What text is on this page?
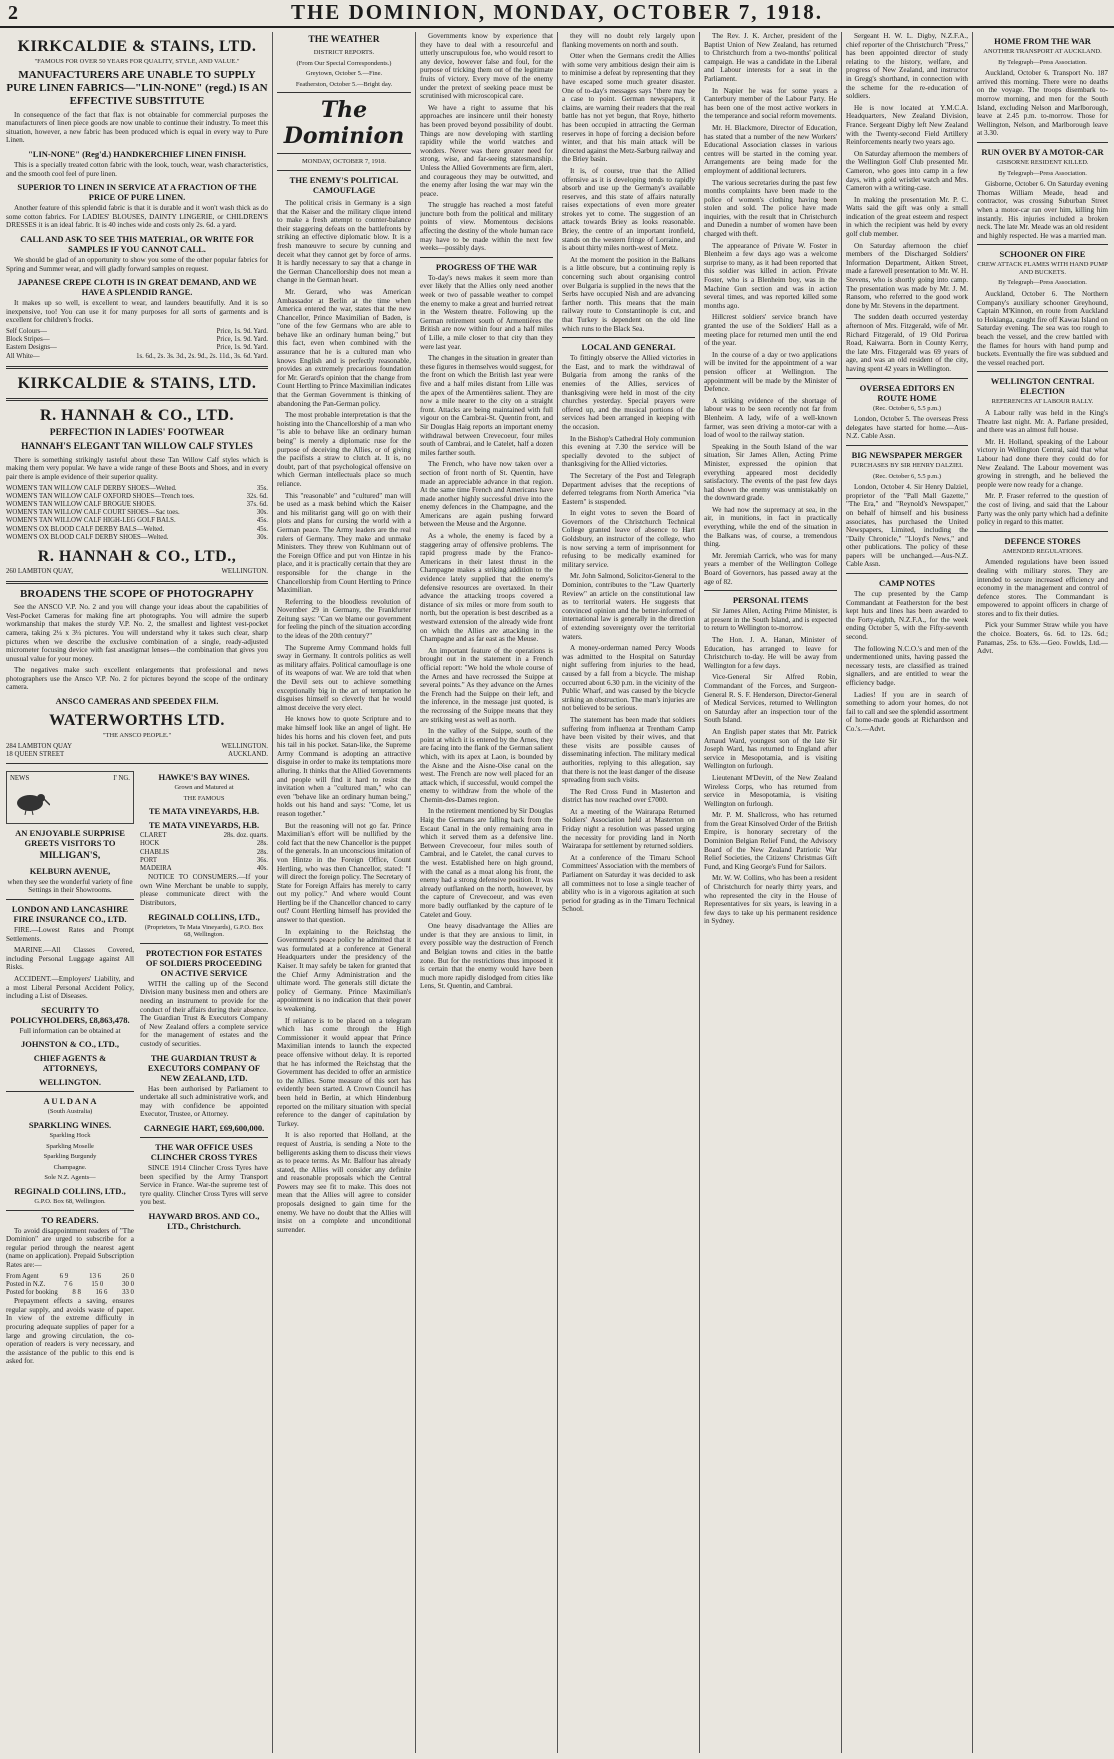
2	THE DOMINION, MONDAY, OCTOBER 7, 1918.
KIRKCALDIE & STAINS, LTD.
"FAMOUS FOR OVER 50 YEARS FOR QUALITY, STYLE, AND VALUE."
MANUFACTURERS ARE UNABLE TO SUPPLY PURE LINEN FABRICS—"LIN-NONE" (regd.) IS AN EFFECTIVE SUBSTITUTE

In consequence of the fact that flax is not obtainable for commercial purposes the manufacturers of linen piece goods are now unable to continue their industry. To meet this situation, however, a new fabric has been produced which is equal in every way to Pure Linen.

"LIN-NONE" (Reg'd.) HANDKERCHIEF LINEN FINISH.

This is a specially treated cotton fabric with the look, touch, wear, wash characteristics, and the smooth cool feel of pure linen.

SUPERIOR TO LINEN IN SERVICE AT A FRACTION OF THE PRICE OF PURE LINEN.

Another feature of this splendid fabric is that it is durable and it won't wash thick as do some cotton fabrics. For LADIES' BLOUSES, DAINTY LINGERIE, or CHILDREN'S DRESSES it is an ideal fabric. It is 40 inches wide and costs only 2s. 6d. a yard.

CALL AND ASK TO SEE THIS MATERIAL, OR WRITE FOR SAMPLES IF YOU CANNOT CALL.

We should be glad of an opportunity to show you some of the other popular fabrics for Spring and Summer wear, and will gladly forward samples on request.

JAPANESE CREPE CLOTH IS IN GREAT DEMAND, AND WE HAVE A SPLENDID RANGE.

It makes up so well, is excellent to wear, and launders beautifully. And it is so inexpensive, too! You can use it for many purposes for all sorts of garments and is excellent for children's frocks.

Self Colours—	Price, 1s. 9d. Yard.
Block Stripes—	Price, 1s. 9d. Yard.
Eastern Designs—	Price, 1s. 9d. Yard.
All White—	1s. 6d., 2s. 3s. 3d., 2s. 9d., 2s. 11d., 3s. 6d. Yard.
KIRKCALDIE & STAINS, LTD.
R. HANNAH & CO., LTD.
PERFECTION IN LADIES' FOOTWEAR
HANNAH'S ELEGANT TAN WILLOW CALF STYLES

There is something strikingly tasteful about these Tan Willow Calf styles which is making them very popular. We have a wide range of these Boots and Shoes, and in every pair there is ample evidence of their superior quality.

WOMEN'S TAN WILLOW CALF DERBY SHOES—Welted.	35s.
WOMEN'S TAN WILLOW CALF OXFORD SHOES—Trench toes.	32s. 6d.
WOMEN'S TAN WILLOW CALF BROGUE SHOES.	37s. 6d.
WOMEN'S TAN WILLOW CALF COURT SHOES—Sac toes.	30s.
WOMEN'S TAN WILLOW CALF HIGH-LEG GOLF BALS.	45s.
WOMEN'S OX BLOOD CALF DERBY BALS—Welted.	45s.
WOMEN'S OX BLOOD CALF DERBY SHOES—Welted.	30s.
R. HANNAH & CO., LTD.,
260 LAMBTON QUAY,	WELLINGTON.
BROADENS THE SCOPE OF PHOTOGRAPHY

See the ANSCO V.P. No. 2 and you will change your ideas about the capabilities of Vest-Pocket Cameras for making fine art photographs. You will admire the superb workmanship that makes the sturdy V.P. No. 2, the smallest and lightest vest-pocket camera, taking 2¼ x 3¼ pictures. You will understand why it takes such clear, sharp pictures when we describe the exclusive combination of a single, ready-adjusted micrometer focusing device with fast anastigmat lenses—the combination that gives you unusual value for your money.

The negatives make such excellent enlargements that professional and news photographers use the Ansco V.P. No. 2 for pictures beyond the scope of the ordinary camera.

ANSCO CAMERAS AND SPEEDEX FILM.
WATERWORTHS LTD.
"THE ANSCO PEOPLE."
284 LAMBTON QUAY	WELLINGTON.
18 QUEEN STREET	AUCKLAND.
NEWS	I' NG.
AN ENJOYABLE SURPRISE GREETS VISITORS TO
MILLIGAN'S,
KELBURN AVENUE,

when they see the wonderful variety of fine Settings in their Showrooms.

LONDON AND LANCASHIRE FIRE INSURANCE CO., LTD.

FIRE.—Lowest Rates and Prompt Settlements.

MARINE.—All Classes Covered, including Personal Luggage against All Risks.

ACCIDENT.—Employers' Liability, and a most Liberal Personal Accident Policy, including a List of Diseases.

SECURITY TO POLICYHOLDERS, £8,863,478.

Full information can be obtained at

JOHNSTON & CO., LTD.,
CHIEF AGENTS & ATTORNEYS,
WELLINGTON.
A U L D A N A
(South Australia)
SPARKLING WINES.
Sparkling Hock
Sparkling Moselle
Sparkling Burgundy
Champagne.
Sole N.Z. Agents—
REGINALD COLLINS, LTD.,
G.P.O. Box 68, Wellington.
TO READERS.

To avoid disappointment readers of "The Dominion" are urged to subscribe for a regular period through the nearest agent (name on application). Prepaid Subscription Rates are:—

From Agent	6 9	13 6	26 0
Posted in N.Z.	7 6	15 0	30 0
Posted for booking 8 8 16 6 33 0

Prepayment effects a saving, ensures regular supply, and avoids waste of paper. In view of the extreme difficulty in procuring adequate supplies of paper for a large and growing circulation, the co-operation of readers is very necessary, and the assistance of the public to this end is asked for.

HAWKE'S BAY WINES.
Grown and Matured at
THE FAMOUS
TE MATA VINEYARDS, H.B.
TE MATA VINEYARDS, H.B.
CLARET	28s. doz. quarts.
HOCK	28s.
CHABLIS	28s.
PORT	36s.
MADEIRA	40s.

NOTICE TO CONSUMERS.—If your own Wine Merchant be unable to supply, please communicate direct with the Distributors,

REGINALD COLLINS, LTD.,
(Proprietors, Te Mata Vineyards), G.P.O. Box 68, Wellington.
PROTECTION FOR ESTATES OF SOLDIERS PROCEEDING ON ACTIVE SERVICE

WITH the calling up of the Second Division many business men and others are needing an instrument to provide for the conduct of their affairs during their absence. The Guardian Trust & Executors Company of New Zealand offers a complete service for the management of estates and the custody of securities.

THE GUARDIAN TRUST & EXECUTORS COMPANY OF NEW ZEALAND, LTD.

Has been authorised by Parliament to undertake all such administrative work, and may with confidence be appointed Executor, Trustee, or Attorney.

CARNEGIE HART, £69,600,000.
THE WAR OFFICE USES CLINCHER CROSS TYRES

SINCE 1914 Clincher Cross Tyres have been specified by the Army Transport Service in France. War-the supreme test of tyre quality. Clincher Cross Tyres will serve you best.

HAYWARD BROS. AND CO., LTD., Christchurch.
THE WEATHER
DISTRICT REPORTS.
(From Our Special Correspondents.)
Greytown, October 5.—Fine.
Featherston, October 5.—Bright day.
The Dominion
MONDAY, OCTOBER 7, 1918.
THE ENEMY'S POLITICAL CAMOUFLAGE

The political crisis in Germany is a sign that the Kaiser and the military clique intend to make a fresh attempt to counter-balance their staggering defeats on the battlefronts by striking an effective diplomatic blow. It is a fresh manœuvre to secure by cunning and deceit what they cannot get by force of arms. It is hardly necessary to say that a change in the German Chancellorship does not mean a change in the German heart.

Mr. Gerard, who was American Ambassador at Berlin at the time when America entered the war, states that the new Chancellor, Prince Maximilian of Baden, is "one of the few Germans who are able to behave like an ordinary human being," but this fact, even when combined with the assurance that he is a cultured man who knows English and is perfectly reasonable, provides an extremely precarious foundation for Mr. Gerard's opinion that the change from Count Hertling to Prince Maximilian indicates that the German Government is thinking of abandoning the Pan-German policy.

The most probable interpretation is that the hoisting into the Chancellorship of a man who "is able to behave like an ordinary human being" is merely a diplomatic ruse for the purpose of deceiving the Allies, or of giving the pacifists a straw to clutch at. It is, no doubt, part of that psychological offensive on which German intellectuals place so much reliance.

This "reasonable" and "cultured" man will be used as a mask behind which the Kaiser and his militarist gang will go on with their plots and plans for cursing the world with a German peace. The Army leaders are the real rulers of Germany. They make and unmake Ministers. They threw von Kuhlmann out of the Foreign Office and put von Hintze in his place, and it is practically certain that they are responsible for the change in the Chancellorship from Count Hertling to Prince Maximilian.

Referring to the bloodless revolution of November 29 in Germany, the Frankfurter Zeitung says: "Can we blame our government for feeling the pinch of the situation according to the ideas of the 20th century?"

The Supreme Army Command holds full sway in Germany. It controls politics as well as military affairs. Political camouflage is one of its weapons of war. We are told that when the Devil sets out to achieve something exceptionally big in the art of temptation he disguises himself so cleverly that he would almost deceive the very elect.

He knows how to quote Scripture and to make himself look like an angel of light. He hides his horns and his cloven feet, and puts his tail in his pocket. Satan-like, the Supreme Army Command is adopting an attractive disguise in order to make its temptations more alluring. It thinks that the Allied Governments and people will find it hard to resist the invitation when a "cultured man," who can even "behave like an ordinary human being," holds out his hand and says: "Come, let us reason together."

But the reasoning will not go far. Prince Maximilian's effort will be nullified by the cold fact that the new Chancellor is the puppet of the generals. In an unconscious imitation of von Hintze in the Foreign Office, Count Hertling, who was then Chancellor, stated: "I will direct the foreign policy. The Secretary of State for Foreign Affairs has merely to carry out my policy." And where would Count Hertling be if the Chancellor chanced to carry out? Count Hertling himself has provided the answer to that question.

In explaining to the Reichstag the Government's peace policy he admitted that it was formulated at a conference at General Headquarters under the presidency of the Kaiser. It may safely be taken for granted that the Chief Army Administration and the ultimate word. The generals still dictate the policy of Germany. Prince Maximilian's appointment is no indication that their power is weakening.

If reliance is to be placed on a telegram which has come through the High Commissioner it would appear that Prince Maximilian intends to launch the expected peace offensive without delay. It is reported that he has informed the Reichstag that the Government has decided to offer an armistice to the Allies. Some measure of this sort has evidently been started. A Crown Council has been held in Berlin, at which Hindenburg reported on the military situation with special reference to the danger of capitulation by Turkey.

It is also reported that Holland, at the request of Austria, is sending a Note to the belligerents asking them to discuss their views as to peace terms. As Mr. Balfour has already stated, the Allies will consider any definite and reasonable proposals which the Central Powers may see fit to make. This does not mean that the Allies will agree to consider proposals designed to gain time for the enemy. We have no doubt that the Allies will insist on a complete and unconditional surrender.

Governments know by experience that they have to deal with a resourceful and utterly unscrupulous foe, who would resort to any device, however false and foul, for the purpose of tricking them out of the legitimate fruits of victory. Every move of the enemy under the pretext of seeking peace must be scrutinised with microscopical care.

We have a right to assume that his approaches are insincere until their honesty has been proved beyond possibility of doubt. Things are now developing with startling rapidity while the world watches and wonders. Never was there greater need for strong, wise, and far-seeing statesmanship. Unless the Allied Governments are firm, alert, and courageous they may be outwitted, and the enemy after losing the war may win the peace.

The struggle has reached a most fateful juncture both from the political and military points of view. Momentous decisions affecting the destiny of the whole human race may have to be made within the next few weeks—possibly days.

PROGRESS OF THE WAR

To-day's news makes it seem more than ever likely that the Allies only need another week or two of passable weather to compel the enemy to make a great and hurried retreat in the Western theatre. Following up the German retirement south of Armentières the British are now within four and a half miles of Lille, a mile closer to that city than they were last year.

The changes in the situation in greater than these figures in themselves would suggest, for the front on which the British last year were five and a half miles distant from Lille was the apex of the Armentières salient. They are now a mile nearer to the city on a straight front. Attacks are being maintained with full vigour on the Cambrai-St. Quentin front, and Sir Douglas Haig reports an important enemy withdrawal between Crevecoeur, four miles south of Cambrai, and le Catelet, half a dozen miles farther south.

The French, who have now taken over a section of front north of St. Quentin, have made an appreciable advance in that region. At the same time French and Americans have made another highly successful drive into the enemy defences in the Champagne, and the Americans are again pushing forward between the Meuse and the Argonne.

As a whole, the enemy is faced by a staggering array of offensive problems. The rapid progress made by the Franco-Americans in their latest thrust in the Champagne makes a striking addition to the evidence lately supplied that the enemy's defensive resources are overtaxed. In their advance the attacking troops covered a distance of six miles or more from south to north, but the operation is best described as a westward extension of the already wide front on which the Allies are attacking in the Champagne and as far east as the Meuse.

An important feature of the operations is brought out in the statement in a French official report: "We hold the whole course of the Arnes and have recrossed the Suippe at several points." As they advance on the Arnes the French had the Suippe on their left, and the inference, in the message just quoted, is the recrossing of the Suippe means that they are striking west as well as north.

In the valley of the Suippe, south of the point at which it is entered by the Arnes, they are facing into the flank of the German salient which, with its apex at Laon, is bounded by the Aisne and the Aisne-Oise canal on the west. The French are now well placed for an attack which, if successful, would compel the enemy to withdraw from the whole of the Chemin-des-Dames region.

In the retirement mentioned by Sir Douglas Haig the Germans are falling back from the Escaut Canal in the only remaining area in which it served them as a defensive line. Between Crevecoeur, four miles south of Cambrai, and le Catelet, the canal curves to the west. Established here on high ground, with the canal as a moat along his front, the enemy had a strong defensive position. It was already outflanked on the north, however, by the capture of Crevecoeur, and was even more badly outflanked by the capture of le Catelet and Gouy.

One heavy disadvantage the Allies are under is that they are anxious to limit, in every possible way the destruction of French and Belgian towns and cities in the battle zone. But for the restrictions thus imposed it is certain that the enemy would have been much more rapidly dislodged from cities like Lens, St. Quentin, and Cambrai.

they will no doubt rely largely upon flanking movements on north and south.

Otter when the Germans credit the Allies with some very ambitious design their aim is to minimise a defeat by representing that they have escaped some much greater disaster. One of to-day's messages says "there may be a case to point. German newspapers, it claims, are warning their readers that the real battle has not yet begun, that Roye, hitherto has been occupied in attracting the German reserves in hope of forcing a decision before winter, and that his main attack will be directed against the Metz-Sarburg railway and the Briey basin.

It is, of course, true that the Allied offensive as it is developing tends to rapidly absorb and use up the Germany's available reserves, and this state of affairs naturally raises expectations of even more greater strokes yet to come. The suggestion of an attack towards Briey as looks reasonable. Briey, the centre of an important ironfield, stands on the western fringe of Lorraine, and is about thirty miles north-west of Metz.

At the moment the position in the Balkans is a little obscure, but a continuing reply is concerning such about organising control over Bulgaria is supplied in the news that the Serbs have occupied Nish and are advancing farther north. This means that the main railway route to Constantinople is cut, and that Turkey is dependent on the old line which runs to the Black Sea.

LOCAL AND GENERAL

To fittingly observe the Allied victories in the East, and to mark the withdrawal of Bulgaria from among the ranks of the enemies of the Allies, services of thanksgiving were held in most of the city churches yesterday. Special prayers were offered up, and the musical portions of the services had been arranged in keeping with the occasion.

In the Bishop's Cathedral Holy communion this evening at 7.30 the service will be specially devoted to the subject of thanksgiving for the Allied victories.

The Secretary of the Post and Telegraph Department advises that the receptions of deferred telegrams from North America "via Eastern" is suspended.

In eight votes to seven the Board of Governors of the Christchurch Technical College granted leave of absence to Hart Goldsbury, an instructor of the college, who is now serving a term of imprisonment for refusing to be medically examined for military service.

Mr. John Salmond, Solicitor-General to the Dominion, contributes to the "Law Quarterly Review" an article on the constitutional law as to territorial waters. He suggests that convinced opinion and the better-informed of international law is generally in the direction of extending sovereignty over the territorial waters.

A money-orderman named Percy Woods was admitted to the Hospital on Saturday night suffering from injuries to the head, caused by a fall from a bicycle. The mishap occurred about 6.30 p.m. in the vicinity of the Public Wharf, and was caused by the bicycle striking an obstruction. The man's injuries are not believed to be serious.

The statement has been made that soldiers suffering from influenza at Trentham Camp have been visited by their wives, and that these visits are possible causes of disseminating infection. The military medical authorities, replying to this allegation, say that there is not the least danger of the disease spreading from such visits.

The Red Cross Fund in Masterton and district has now reached over £7000.

At a meeting of the Wairarapa Returned Soldiers' Association held at Masterton on Friday night a resolution was passed urging the necessity for providing land in North Wairarapa for settlement by returned soldiers.

At a conference of the Timaru School Committees' Association with the members of Parliament on Saturday it was decided to ask all committees not to lose a single teacher of ability who is in a vigorous agitation at such period for grading as in the Timaru Technical School.

The Rev. J. K. Archer, president of the Baptist Union of New Zealand, has returned to Christchurch from a two-months' political campaign. He was a candidate in the Liberal and Labour interests for a seat in the Parliament.

In Napier he was for some years a Canterbury member of the Labour Party. He has been one of the most active workers in the temperance and social reform movements.

Mr. H. Blackmore, Director of Education, has stated that a number of the new Workers' Educational Association classes in various centres will be started in the coming year. Arrangements are being made for the employment of additional lecturers.

The various secretaries during the past few months complaints have been made to the police of women's clothing having been stolen and sold. The police have made inquiries, with the result that in Christchurch and Dunedin a number of women have been charged with theft.

The appearance of Private W. Foster in Blenheim a few days ago was a welcome surprise to many, as it had been reported that this soldier was killed in action. Private Foster, who is a Blenheim boy, was in the Machine Gun section and was in action several times, and was reported killed some months ago.

Hillcrest soldiers' service branch have granted the use of the Soldiers' Hall as a meeting place for returned men until the end of the year.

In the course of a day or two applications will be invited for the appointment of a war pension officer at Wellington. The appointment will be made by the Minister of Defence.

A striking evidence of the shortage of labour was to be seen recently not far from Blenheim. A lady, wife of a well-known farmer, was seen driving a motor-car with a load of wool to the railway station.

Speaking in the South Island of the war situation, Sir James Allen, Acting Prime Minister, expressed the opinion that everything appeared most decidedly satisfactory. The events of the past few days had shown the enemy was unmistakably on the downward grade.

We had now the supremacy at sea, in the air, in munitions, in fact in practically everything, while the end of the situation in the Balkans was, of course, a tremendous thing.

Mr. Jeremiah Carrick, who was for many years a member of the Wellington College Board of Governors, has passed away at the age of 82.

PERSONAL ITEMS

Sir James Allen, Acting Prime Minister, is at present in the South Island, and is expected to return to Wellington to-morrow.

The Hon. J. A. Hanan, Minister of Education, has arranged to leave for Christchurch to-day. He will be away from Wellington for a few days.

Vice-General Sir Alfred Robin, Commandant of the Forces, and Surgeon-General R. S. F. Henderson, Director-General of Medical Services, returned to Wellington on Saturday after an inspection tour of the South Island.

An English paper states that Mr. Patrick Arnaud Ward, youngest son of the late Sir Joseph Ward, has returned to England after service in Mesopotamia, and is visiting Wellington on furlough.

Lieutenant M'Devitt, of the New Zealand Wireless Corps, who has returned from service in Mesopotamia, is visiting Wellington on furlough.

Mr. P. M. Shallcross, who has returned from the Great Kinsolved Order of the British Empire, is honorary secretary of the Dominion Belgian Relief Fund, the Advisory Board of the New Zealand Patriotic War Relief Societies, the Citizens' Christmas Gift Fund, and King George's Fund for Sailors.

Mr. W. W. Collins, who has been a resident of Christchurch for nearly thirty years, and who represented the city in the House of Representatives for six years, is leaving in a few days to take up his permanent residence in Sydney.

Sergeant H. W. L. Digby, N.Z.F.A., chief reporter of the Christchurch "Press," has been appointed director of study relating to the history, welfare, and progress of New Zealand, and instructor in Gregg's shorthand, in connection with the scheme for the re-education of soldiers.

He is now located at Y.M.C.A. Headquarters, New Zealand Division, France. Sergeant Digby left New Zealand with the Twenty-second Field Artillery Reinforcements nearly two years ago.

On Saturday afternoon the members of the Wellington Golf Club presented Mr. Cameron, who goes into camp in a few days, with a gold wristlet watch and Mrs. Cameron with a writing-case.

In making the presentation Mr. P. C. Watts said the gift was only a small indication of the great esteem and respect in which the recipient was held by every golf club member.

On Saturday afternoon the chief members of the Discharged Soldiers' Information Department, Aitken Street, made a farewell presentation to Mr. W. H. Stevens, who is shortly going into camp. The presentation was made by Mr. J. M. Ransom, who referred to the good work done by Mr. Stevens in the department.

The sudden death occurred yesterday afternoon of Mrs. Fitzgerald, wife of Mr. Richard Fitzgerald, of 19 Old Porirua Road, Kaiwarra. Born in County Kerry, the late Mrs. Fitzgerald was 69 years of age, and was an old resident of the city, having spent 42 years in Wellington.

OVERSEA EDITORS EN ROUTE HOME
(Rec. October 6, 5.5 p.m.)

London, October 5. The overseas Press delegates have started for home.—Aus-N.Z. Cable Assn.

BIG NEWSPAPER MERGER
PURCHASES BY SIR HENRY DALZIEL
(Rec. October 6, 5.5 p.m.)

London, October 4. Sir Henry Dalziel, proprietor of the "Pall Mall Gazette," "The Era," and "Reynold's Newspaper," on behalf of himself and his business associates, has purchased the United Newspapers, Limited, including the "Daily Chronicle," "Lloyd's News," and other publications. The policy of these papers will be unchanged.—Aus-N.Z. Cable Assn.

CAMP NOTES

The cup presented by the Camp Commandant at Featherston for the best kept huts and lines has been awarded to the Forty-eighth, N.Z.F.A., for the week ending October 5, with the Fifty-seventh second.

The following N.C.O.'s and men of the undermentioned units, having passed the necessary tests, are classified as trained signallers, and are entitled to wear the efficiency badge.

Ladies! If you are in search of something to adorn your homes, do not fail to call and see the splendid assortment of home-made goods at Richardson and Co.'s.—Advt.

HOME FROM THE WAR
ANOTHER TRANSPORT AT AUCKLAND.
By Telegraph—Press Association.

Auckland, October 6. Transport No. 187 arrived this morning. There were no deaths on the voyage. The troops disembark to-morrow morning, and men for the South Island, excluding Nelson and Marlborough, leave at 2.45 p.m. to-morrow. Those for Wellington, Nelson, and Marlborough leave at 3.30.

RUN OVER BY A MOTOR-CAR
GISBORNE RESIDENT KILLED.
By Telegraph—Press Association.

Gisborne, October 6. On Saturday evening Thomas William Meade, head and contractor, was crossing Suburban Street when a motor-car ran over him, killing him instantly. His injuries included a broken neck. The late Mr. Meade was an old resident and highly respected. He was a married man.

SCHOONER ON FIRE
CREW ATTACK FLAMES WITH HAND PUMP AND BUCKETS.
By Telegraph—Press Association.

Auckland, October 6. The Northern Company's auxiliary schooner Greyhound, Captain M'Kinnon, en route from Auckland to Hokianga, caught fire off Kawau Island on Saturday evening. The sea was too rough to beach the vessel, and the crew battled with the flames for hours with hand pump and buckets. Eventually the fire was subdued and the vessel reached port.

WELLINGTON CENTRAL ELECTION
REFERENCES AT LABOUR RALLY.

A Labour rally was held in the King's Theatre last night. Mr. A. Parlane presided, and there was an almost full house.

Mr. H. Holland, speaking of the Labour victory in Wellington Central, said that what Labour had done there they could do for New Zealand. The Labour movement was growing in strength, and he believed the people were now ready for a change.

Mr. P. Fraser referred to the question of the cost of living, and said that the Labour Party was the only party which had a definite policy in regard to this matter.

DEFENCE STORES
AMENDED REGULATIONS.

Amended regulations have been issued dealing with military stores. They are intended to secure increased efficiency and economy in the management and control of defence stores. The Commandant is empowered to appoint officers in charge of stores and to fix their duties.

Pick your Summer Straw while you have the choice. Boaters, 6s. 6d. to 12s. 6d.; Panamas, 25s. to 63s.—Geo. Fowlds, Ltd.—Advt.
